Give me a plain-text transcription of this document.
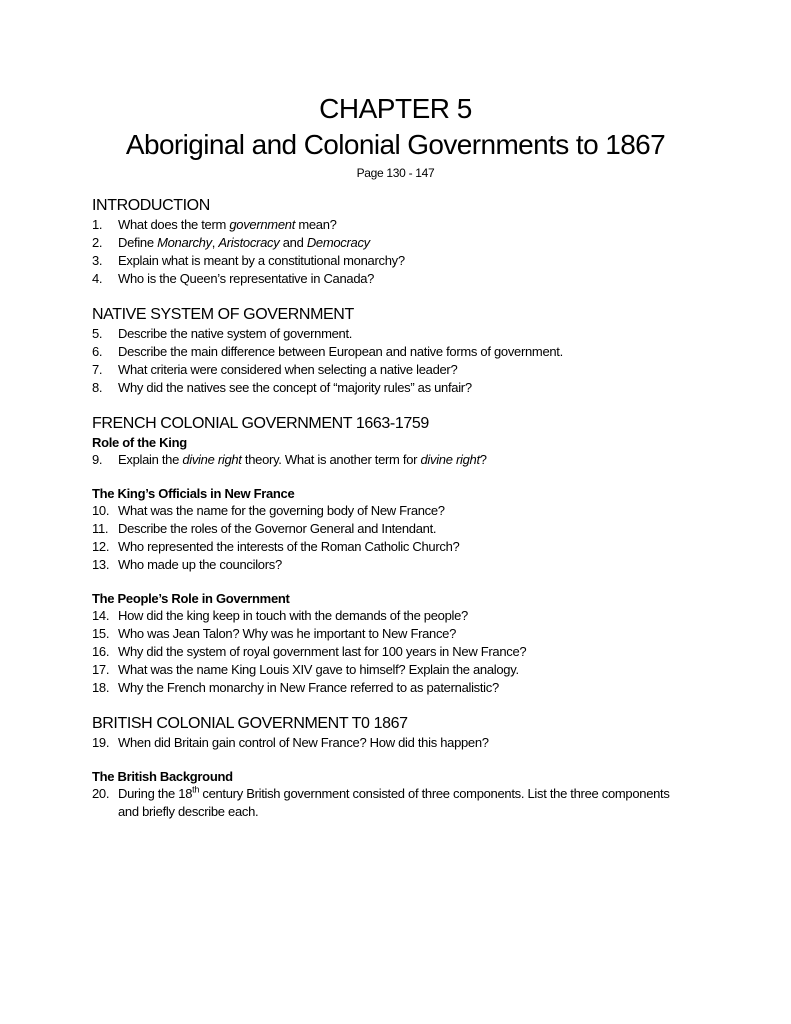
CHAPTER 5
Aboriginal and Colonial Governments to 1867
Page 130 - 147
INTRODUCTION
1. What does the term government mean?
2. Define Monarchy, Aristocracy and Democracy
3. Explain what is meant by a constitutional monarchy?
4. Who is the Queen’s representative in Canada?
NATIVE SYSTEM OF GOVERNMENT
5. Describe the native system of government.
6. Describe the main difference between European and native forms of government.
7. What criteria were considered when selecting a native leader?
8. Why did the natives see the concept of “majority rules” as unfair?
FRENCH COLONIAL GOVERNMENT 1663-1759
Role of the King
9. Explain the divine right theory. What is another term for divine right?
The King’s Officials in New France
10. What was the name for the governing body of New France?
11. Describe the roles of the Governor General and Intendant.
12. Who represented the interests of the Roman Catholic Church?
13. Who made up the councilors?
The People’s Role in Government
14. How did the king keep in touch with the demands of the people?
15. Who was Jean Talon? Why was he important to New France?
16. Why did the system of royal government last for 100 years in New France?
17. What was the name King Louis XIV gave to himself? Explain the analogy.
18. Why the French monarchy in New France referred to as paternalistic?
BRITISH COLONIAL GOVERNMENT T0 1867
19. When did Britain gain control of New France? How did this happen?
The British Background
20. During the 18th century British government consisted of three components. List the three components
and briefly describe each.
